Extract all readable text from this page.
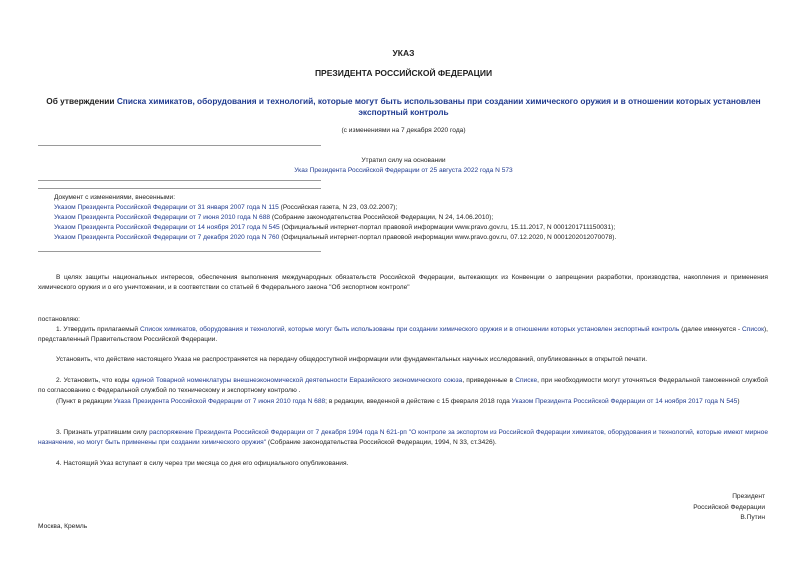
УКАЗ
ПРЕЗИДЕНТА РОССИЙСКОЙ ФЕДЕРАЦИИ
Об утверждении Списка химикатов, оборудования и технологий, которые могут быть использованы при создании химического оружия и в отношении которых установлен экспортный контроль
(с изменениями на 7 декабря 2020 года)
Утратил силу на основании
Указ Президента Российской Федерации от 25 августа 2022 года N 573
Документ с изменениями, внесенными:
Указом Президента Российской Федерации от 31 января 2007 года N 115 (Российская газета, N 23, 03.02.2007);
Указом Президента Российской Федерации от 7 июня 2010 года N 688 (Собрание законодательства Российской Федерации, N 24, 14.06.2010);
Указом Президента Российской Федерации от 14 ноября 2017 года N 545 (Официальный интернет-портал правовой информации www.pravo.gov.ru, 15.11.2017, N 0001201711150031);
Указом Президента Российской Федерации от 7 декабря 2020 года N 760 (Официальный интернет-портал правовой информации www.pravo.gov.ru, 07.12.2020, N 0001202012070078).
В целях защиты национальных интересов, обеспечения выполнения международных обязательств Российской Федерации, вытекающих из Конвенции о запрещении разработки, производства, накопления и применения химического оружия и о его уничтожении, и в соответствии со статьей 6 Федерального закона "Об экспортном контроле"
постановляю:
1. Утвердить прилагаемый Список химикатов, оборудования и технологий, которые могут быть использованы при создании химического оружия и в отношении которых установлен экспортный контроль (далее именуется - Список), представленный Правительством Российской Федерации.
Установить, что действие настоящего Указа не распространяется на передачу общедоступной информации или фундаментальных научных исследований, опубликованных в открытой печати.
2. Установить, что коды единой Товарной номенклатуры внешнеэкономической деятельности Евразийского экономического союза, приведенные в Списке, при необходимости могут уточняться Федеральной таможенной службой по согласованию с Федеральной службой по техническому и экспортному контролю .
(Пункт в редакции Указа Президента Российской Федерации от 7 июня 2010 года N 688; в редакции, введенной в действие с 15 февраля 2018 года Указом Президента Российской Федерации от 14 ноября 2017 года N 545)
3. Признать утратившим силу распоряжение Президента Российской Федерации от 7 декабря 1994 года N 621-рп "О контроле за экспортом из Российской Федерации химикатов, оборудования и технологий, которые имеют мирное назначение, но могут быть применены при создании химического оружия" (Собрание законодательства Российской Федерации, 1994, N 33, ст.3426).
4. Настоящий Указ вступает в силу через три месяца со дня его официального опубликования.
Президент
Российской Федерации
В.Путин
Москва, Кремль
